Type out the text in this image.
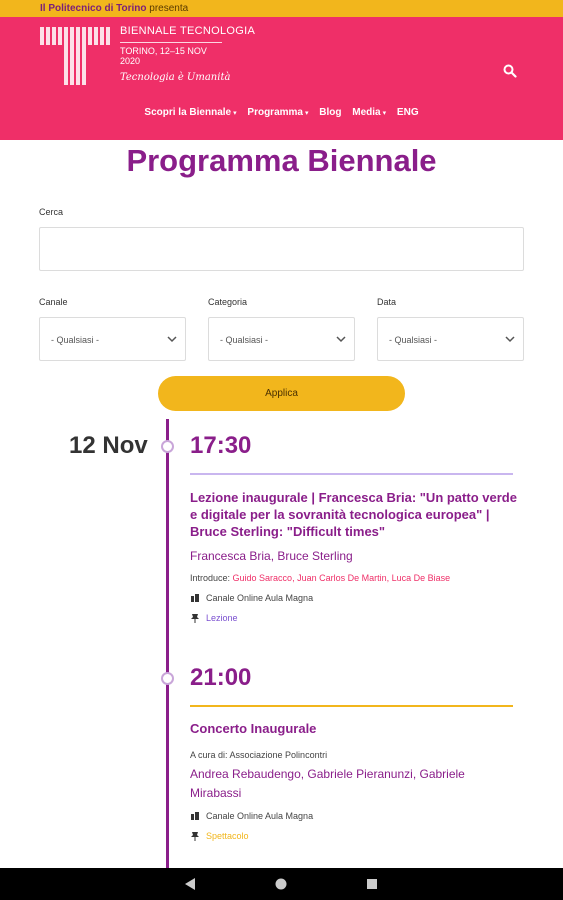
Il Politecnico di Torino presenta
BIENNALE TECNOLOGIA
TORINO, 12–15 NOV 2020
Tecnologia è Umanità
Scopri la Biennale ▾ Programma ▾ Blog Media ▾ ENG
Programma Biennale
Cerca
Canale	Categoria	Data
- Qualsiasi -	- Qualsiasi -	- Qualsiasi -
Applica
12 Nov 17:30
Lezione inaugurale | Francesca Bria: "Un patto verde e digitale per la sovranità tecnologica europea" | Bruce Sterling: "Difficult times"
Francesca Bria, Bruce Sterling
Introduce: Guido Saracco, Juan Carlos De Martin, Luca De Biase
Canale Online Aula Magna
Lezione
21:00
Concerto Inaugurale
A cura di: Associazione Polincontri
Andrea Rebaudengo, Gabriele Pieranunzi, Gabriele Mirabassi
Canale Online Aula Magna
Spettacolo
